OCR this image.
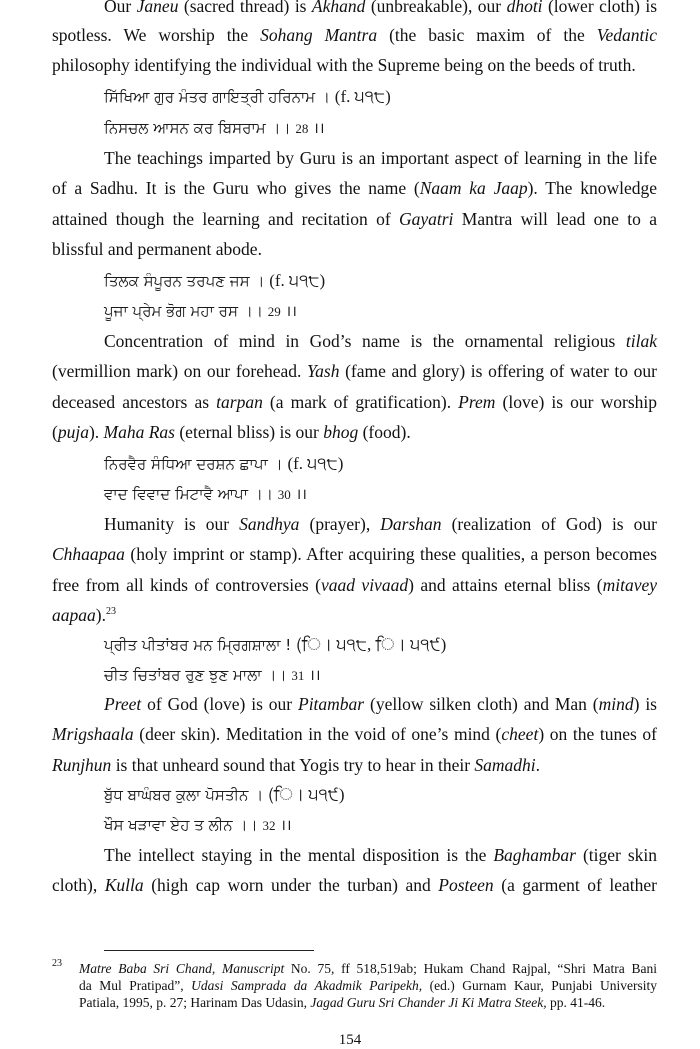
Our Janeu (sacred thread) is Akhand (unbreakable), our dhoti (lower cloth) is
spotless. We worship the Sohang Mantra (the basic maxim of the Vedantic
philosophy identifying the individual with the Supreme being on the beeds of truth.
ਸਿੱਖਿਆ ਗੁਰ ਮੰਤਰ ਗਾਇਤ੍ਰੀ ਹਰਿਨਾਮ । (f. ੫੧੮)
ਨਿਸਚਲ ਆਸਨ ਕਰ ਬਿਸਰਾਮ ।। 28 ।।
The teachings imparted by Guru is an important aspect of learning in the life
of a Sadhu. It is the Guru who gives the name (Naam ka Jaap). The knowledge
attained though the learning and recitation of Gayatri Mantra will lead one to a
blissful and permanent abode.
ਤਿਲਕ ਸੰਪੂਰਨ ਤਰਪਣ ਜਸ । (f. ੫੧੮)
ਪੂਜਾ ਪ੍ਰੇਮ ਭੋਗ ਮਹਾ ਰਸ ।। 29 ।।
Concentration of mind in God’s name is the ornamental religious tilak
(vermillion mark) on our forehead. Yash (fame and glory) is offering of water to our
deceased ancestors as tarpan (a mark of gratification). Prem (love) is our worship
(puja). Maha Ras (eternal bliss) is our bhog (food).
ਨਿਰਵੈਰ ਸੰਧਿਆ ਦਰਸ਼ਨ ਛਾਪਾ । (f. ੫੧੮)
ਵਾਦ ਵਿਵਾਦ ਮਿਟਾਵੈ ਆਪਾ ।। 30 ।।
Humanity is our Sandhya (prayer), Darshan (realization of God) is our
Chhaapaa (holy imprint or stamp). After acquiring these qualities, a person becomes
free from all kinds of controversies (vaad vivaad) and attains eternal bliss (mitavey
aapaa).$^{23}$
ਪ੍ਰੀਤ ਪੀਤਾਂਬਰ ਮਨ ਮ੍ਰਿਗਸ਼ਾਲਾ ! (ਿ। ੫੧੮, ਿ। ੫੧੯)
ਚੀਤ ਚਿਤਾਂਬਰ ਰੁਣ ਝੁਣ ਮਾਲਾ ।। 31 ।।
Preet of God (love) is our Pitambar (yellow silken cloth) and Man (mind) is
Mrigshaala (deer skin). Meditation in the void of one’s mind (cheet) on the tunes of
Runjhun is that unheard sound that Yogis try to hear in their Samadhi.
ਬੁੱਧ ਬਾਘੰਬਰ ਕੁਲਾ ਪੋਸਤੀਨ । (ਿ। ੫੧੯)
ਖੌਸ ਖੜਾਵਾ ਏਹ ਤ ਲੀਨ ।। 32 ।।
The intellect staying in the mental disposition is the Baghambar (tiger skin
cloth), Kulla (high cap worn under the turban) and Posteen (a garment of leather
23 Matre Baba Sri Chand, Manuscript No. 75, ff 518,519ab; Hukam Chand Rajpal, “Shri Matra Bani
da Mul Pratipad”, Udasi Samprada da Akadmik Paripekh, (ed.) Gurnam Kaur, Punjabi University
Patiala, 1995, p. 27; Harinam Das Udasin, Jagad Guru Sri Chander Ji Ki Matra Steek, pp. 41-46.
154
